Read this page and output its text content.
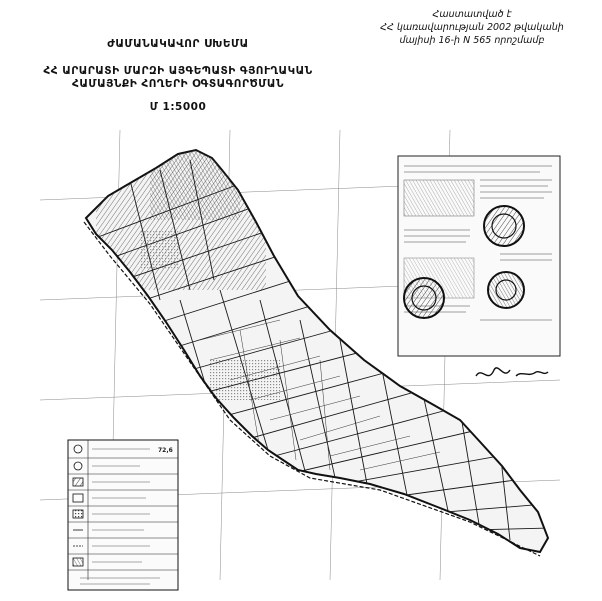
Հաստատված է
ՀՀ կառավարության 2002 թվականի
մայիսի 16-ի N 565 որոշմամբ
ԺԱՄԱՆԱԿԱՎՈՐ ՍԽԵՄԱ
ՀՀ ԱՐԱՐԱՏԻ ՄԱՐԶԻ ԱՅԳԵՊԱՏԻ ԳՅՈՒՂԱԿԱՆ
ՀԱՄԱՅՆՔԻ ՀՈՂԵՐԻ ՕԳՏԱԳՈՐԾՄԱՆ
Մ 1:5000
72,6
